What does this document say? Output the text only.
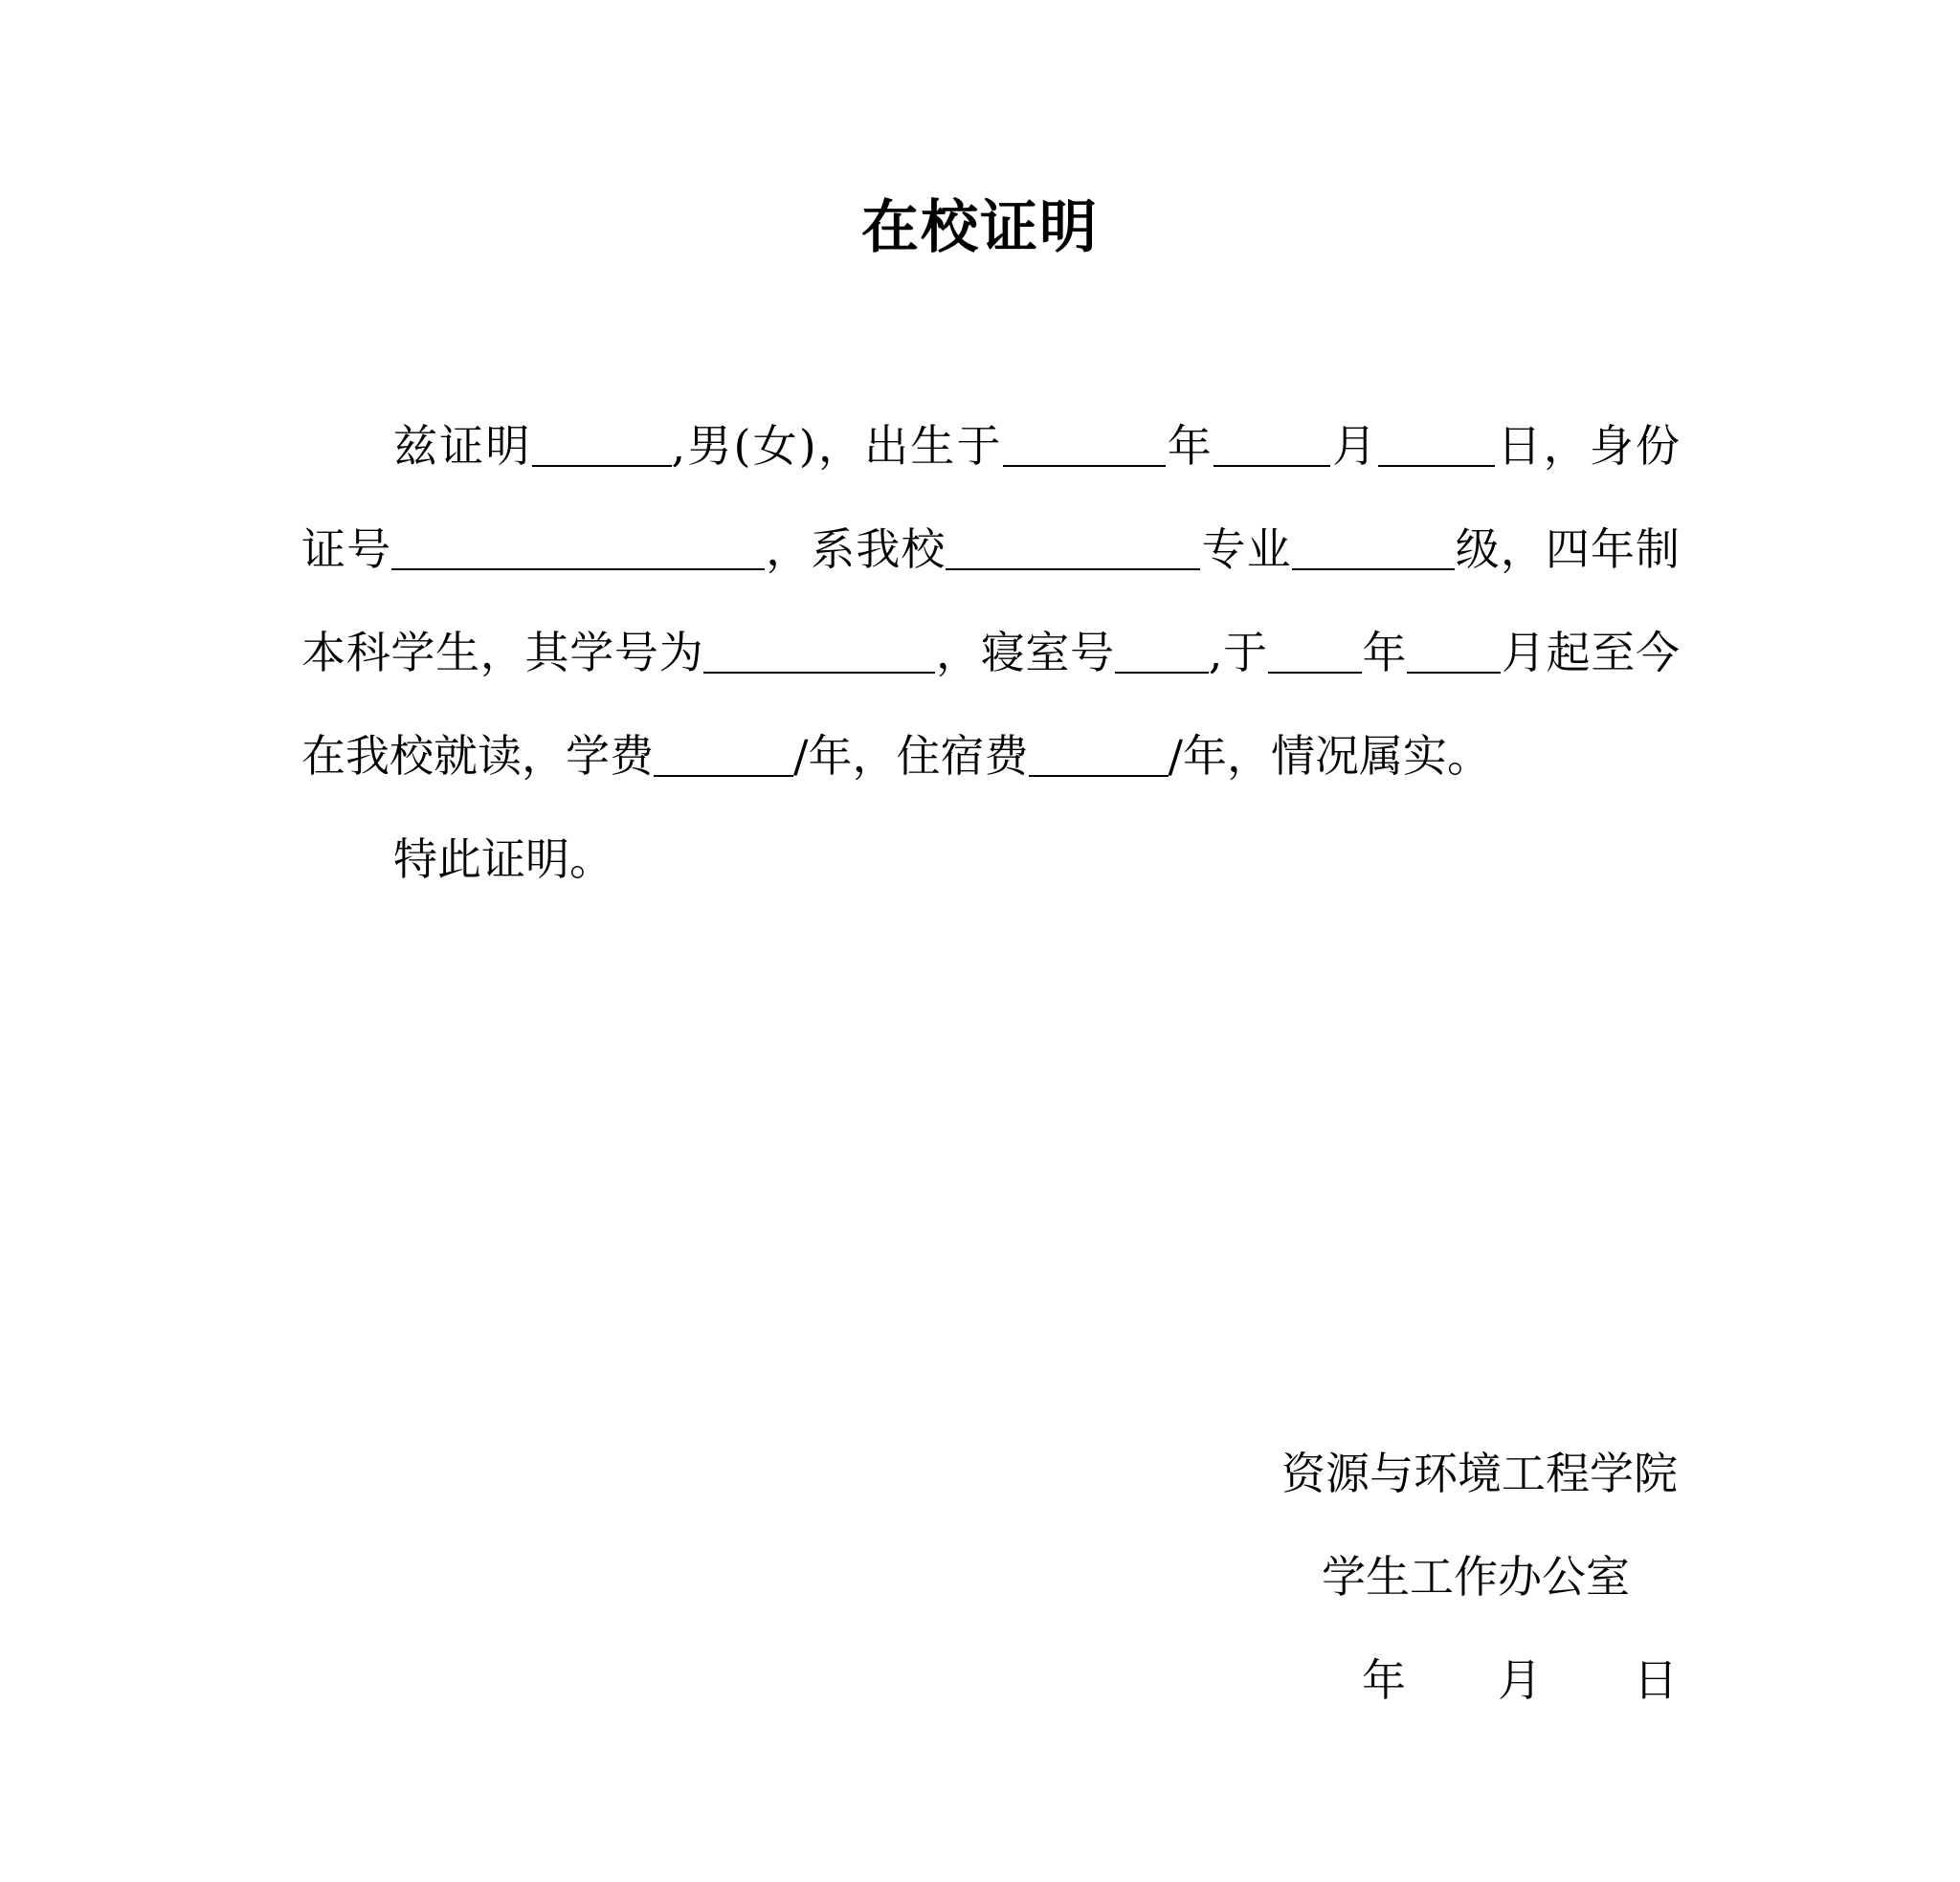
在校证明

兹证明	,男(女)，出生于	年	月	日，身份证号	，系我校	专业	级，四年制本科学生，其学号为	，寝室号 ,于 年 月起至今在我校就读，学费	/年，住宿费	/年，情况属实。

特此证明。

资源与环境工程学院
学生工作办公室
年 月 日
